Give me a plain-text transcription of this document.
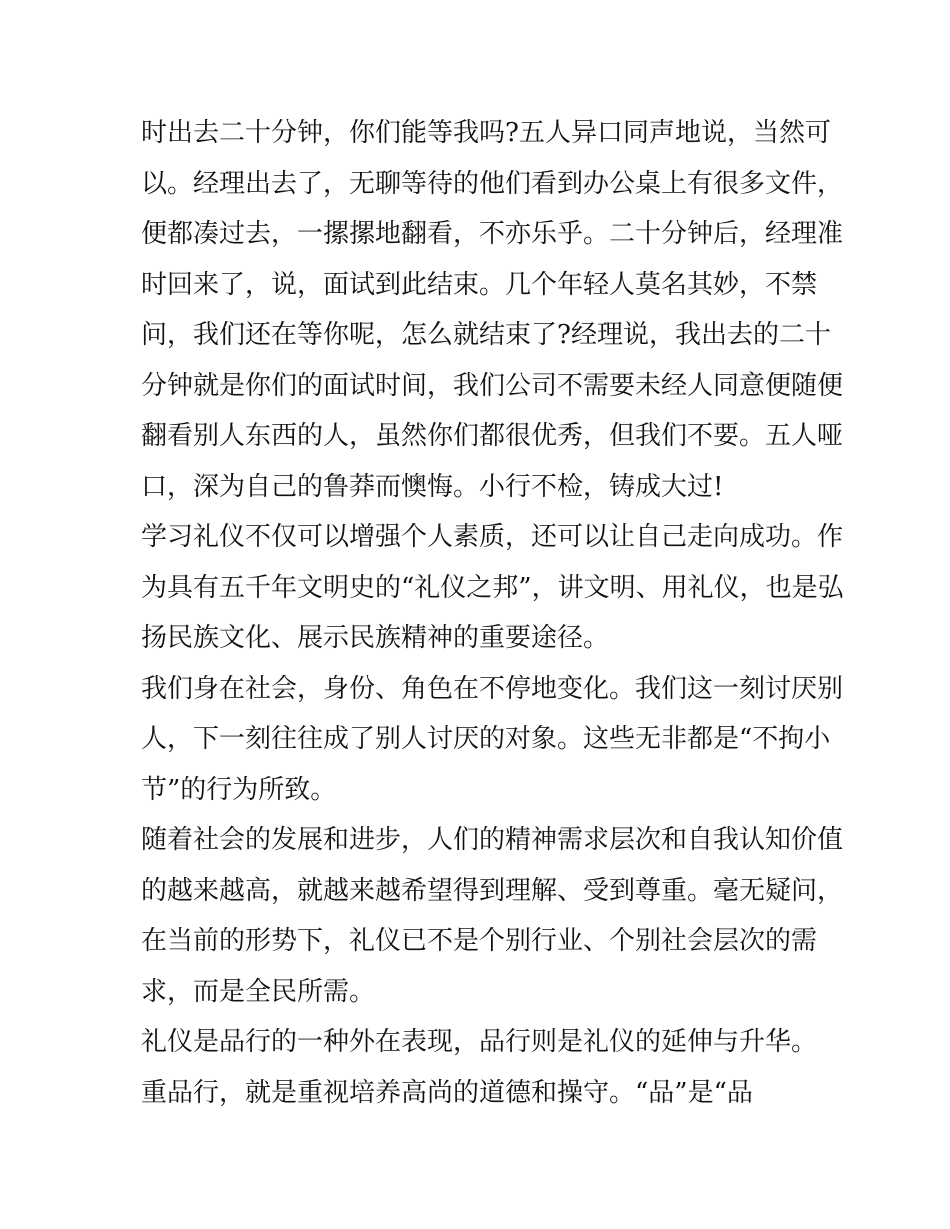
时出去二十分钟，你们能等我吗?五人异口同声地说，当然可
以。经理出去了，无聊等待的他们看到办公桌上有很多文件，
便都凑过去，一摞摞地翻看，不亦乐乎。二十分钟后，经理准
时回来了，说，面试到此结束。几个年轻人莫名其妙，不禁
问，我们还在等你呢，怎么就结束了?经理说，我出去的二十
分钟就是你们的面试时间，我们公司不需要未经人同意便随便
翻看别人东西的人，虽然你们都很优秀，但我们不要。五人哑
口，深为自己的鲁莽而懊悔。小行不检，铸成大过!
学习礼仪不仅可以增强个人素质，还可以让自己走向成功。作
为具有五千年文明史的“礼仪之邦”，讲文明、用礼仪，也是弘
扬民族文化、展示民族精神的重要途径。
我们身在社会，身份、角色在不停地变化。我们这一刻讨厌别
人，下一刻往往成了别人讨厌的对象。这些无非都是“不拘小
节”的行为所致。
随着社会的发展和进步，人们的精神需求层次和自我认知价值
的越来越高，就越来越希望得到理解、受到尊重。毫无疑问，
在当前的形势下，礼仪已不是个别行业、个别社会层次的需
求，而是全民所需。
礼仪是品行的一种外在表现，品行则是礼仪的延伸与升华。
重品行，就是重视培养高尚的道德和操守。“品”是“品
